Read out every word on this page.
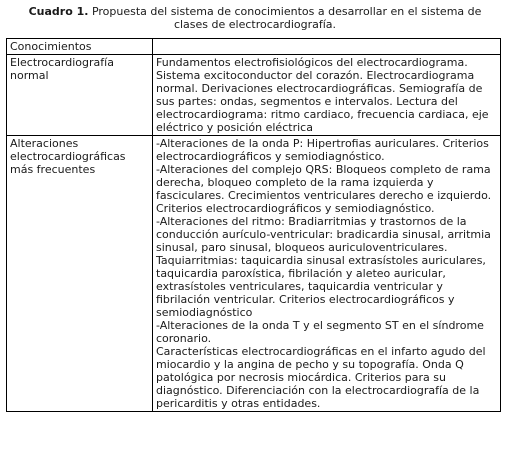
Cuadro 1. Propuesta del sistema de conocimientos a desarrollar en el sistema de clases de electrocardiografía.
Conocimientos	
Electrocardiografía normal	Fundamentos electrofisiológicos del electrocardiograma. Sistema excitoconductor del corazón. Electrocardiograma normal. Derivaciones electrocardiográficas. Semiografía de sus partes: ondas, segmentos e intervalos. Lectura del electrocardiograma: ritmo cardiaco, frecuencia cardiaca, eje eléctrico y posición eléctrica

Alteraciones electrocardiográficas más frecuentes	-Alteraciones de la onda P: Hipertrofias auriculares. Criterios electrocardiográficos y semiodiagnóstico.

-Alteraciones del complejo QRS: Bloqueos completo de rama derecha, bloqueo completo de la rama izquierda y fasciculares. Crecimientos ventriculares derecho e izquierdo. Criterios electrocardiográficos y semiodiagnóstico.

-Alteraciones del ritmo: Bradiarritmias y trastornos de la conducción aurículo-ventricular: bradicardia sinusal, arritmia sinusal, paro sinusal, bloqueos auriculoventriculares. Taquiarritmias: taquicardia sinusal extrasístoles auriculares, taquicardia paroxística, fibrilación y aleteo auricular, extrasístoles ventriculares, taquicardia ventricular y fibrilación ventricular. Criterios electrocardiográficos y semiodiagnóstico

-Alteraciones de la onda T y el segmento ST en el síndrome coronario.

Características electrocardiográficas en el infarto agudo del miocardio y la angina de pecho y su topografía. Onda Q patológica por necrosis miocárdica. Criterios para su diagnóstico. Diferenciación con la electrocardiografía de la pericarditis y otras entidades.
